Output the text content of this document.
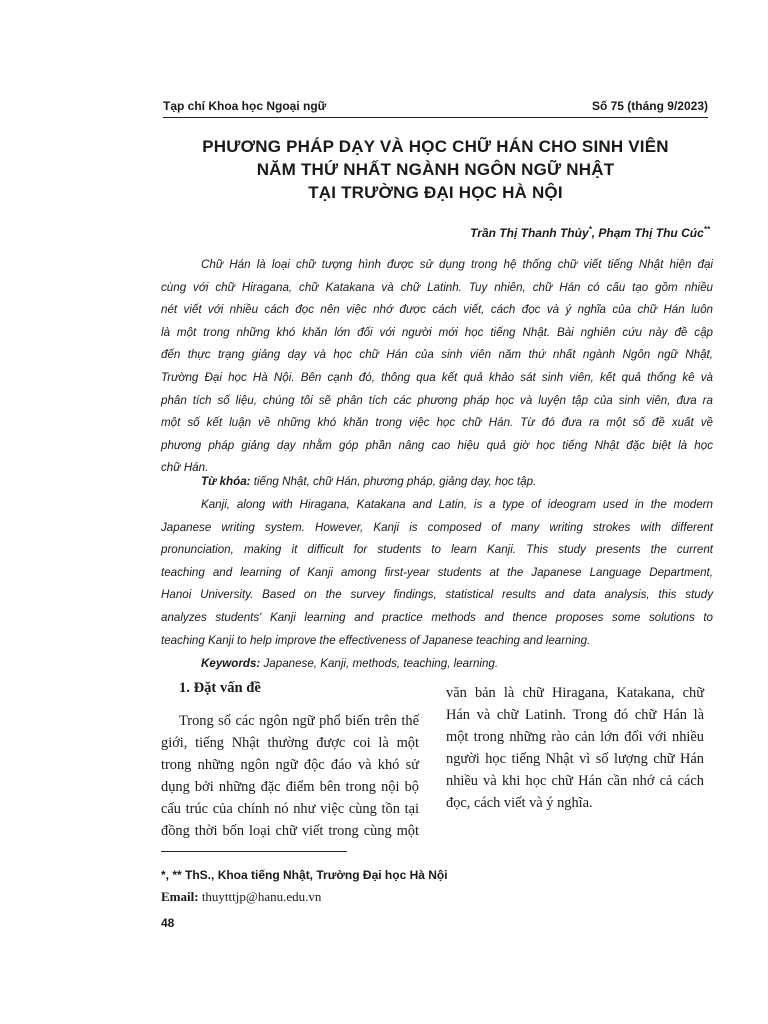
Tạp chí Khoa học Ngoại ngữ	Số 75 (tháng 9/2023)
PHƯƠNG PHÁP DẠY VÀ HỌC CHỮ HÁN CHO SINH VIÊN
NĂM THỨ NHẤT NGÀNH NGÔN NGỮ NHẬT
TẠI TRƯỜNG ĐẠI HỌC HÀ NỘI
Trần Thị Thanh Thủy*, Phạm Thị Thu Cúc**
Chữ Hán là loại chữ tượng hình được sử dụng trong hệ thống chữ viết tiếng Nhật hiện đại
cùng với chữ Hiragana, chữ Katakana và chữ Latinh. Tuy nhiên, chữ Hán có cấu tạo gồm nhiều
nét viết với nhiều cách đọc nên việc nhớ được cách viết, cách đọc và ý nghĩa của chữ Hán luôn
là một trong những khó khăn lớn đối với người mới học tiếng Nhật. Bài nghiên cứu này đề cập
đến thực trạng giảng dạy và học chữ Hán của sinh viên năm thứ nhất ngành Ngôn ngữ Nhật,
Trường Đại học Hà Nội. Bên cạnh đó, thông qua kết quả khảo sát sinh viên, kết quả thống kê và
phân tích số liệu, chúng tôi sẽ phân tích các phương pháp học và luyện tập của sinh viên, đưa ra
một số kết luận về những khó khăn trong việc học chữ Hán. Từ đó đưa ra một số đề xuất về
phương pháp giảng dạy nhằm góp phần nâng cao hiệu quả giờ học tiếng Nhật đặc biệt là học
chữ Hán.
Từ khóa: tiếng Nhật, chữ Hán, phương pháp, giảng dạy, học tập.
Kanji, along with Hiragana, Katakana and Latin, is a type of ideogram used in the modern
Japanese writing system. However, Kanji is composed of many writing strokes with different
pronunciation, making it difficult for students to learn Kanji. This study presents the current
teaching and learning of Kanji among first-year students at the Japanese Language Department,
Hanoi University. Based on the survey findings, statistical results and data analysis, this study
analyzes students' Kanji learning and practice methods and thence proposes some solutions to
teaching Kanji to help improve the effectiveness of Japanese teaching and learning.
Keywords: Japanese, Kanji, methods, teaching, learning.
1. Đặt vấn đề
Trong số các ngôn ngữ phổ biến trên thế
giới, tiếng Nhật thường được coi là một
trong những ngôn ngữ độc đáo và khó sử
dụng bởi những đặc điểm bên trong nội bộ
cấu trúc của chính nó như việc cùng tồn tại
đồng thời bốn loại chữ viết trong cùng một
văn bản là chữ Hiragana, Katakana, chữ
Hán và chữ Latinh. Trong đó chữ Hán là
một trong những rào cản lớn đối với nhiều
người học tiếng Nhật vì số lượng chữ Hán
nhiều và khi học chữ Hán cần nhớ cả cách
đọc, cách viết và ý nghĩa.
*, ** ThS., Khoa tiếng Nhật, Trường Đại học Hà Nội
Email: thuytttjp@hanu.edu.vn
48
